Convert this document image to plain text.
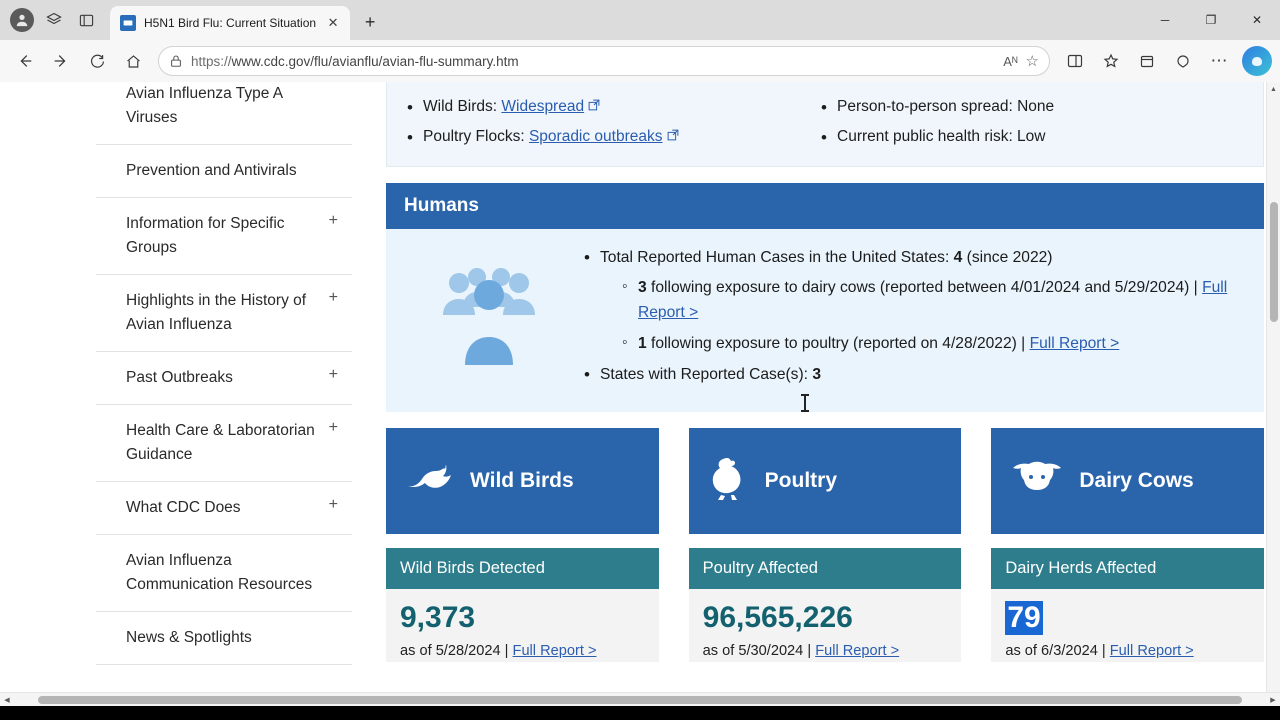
H5N1 Bird Flu: Current Situation ✕	+	─	❐	✕
https://www.cdc.gov/flu/avianflu/avian-flu-summary.htm	Aᴺ ☆	⋯
Avian Influenza Type A Viruses
Prevention and Antivirals
Information for Specific Groups
+
Highlights in the History of Avian Influenza
+
Past Outbreaks	+
Health Care & Laboratorian Guidance
+
What CDC Does	+
Avian Influenza Communication Resources
News & Spotlights
• Wild Birds: Widespread
• Poultry Flocks: Sporadic outbreaks
• Person-to-person spread: None
• Current public health risk: Low
Humans
• Total Reported Human Cases in the United States: 4 (since 2022)
◦ 3 following exposure to dairy cows (reported between 4/01/2024 and 5/29/2024) | Full Report >
◦ 1 following exposure to poultry (reported on 4/28/2022) | Full Report >
• States with Reported Case(s): 3
Wild Birds	Poultry	Dairy Cows
Wild Birds Detected
9,373
as of 5/28/2024 | Full Report >
Poultry Affected
96,565,226
as of 5/30/2024 | Full Report >
Dairy Herds Affected
79
as of 6/3/2024 | Full Report >
▲
◀	▶
